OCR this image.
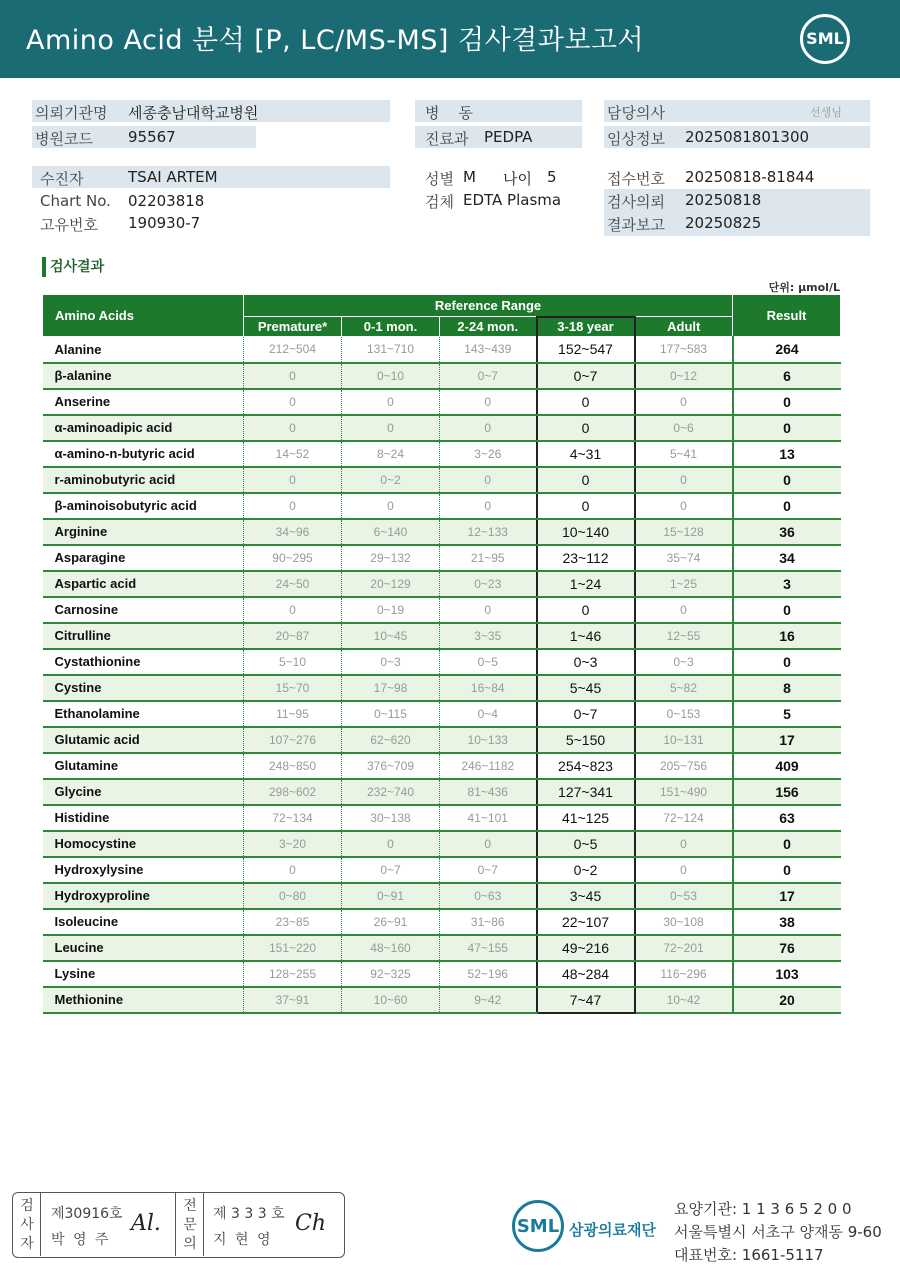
Amino Acid 분석 [P, LC/MS-MS] 검사결과보고서	SML
의뢰기관명 세종충남대학교병원
병원코드 95567
병    동
진료과 PEDPA
담당의사	선생님
임상정보 2025081801300
수진자	TSAI ARTEM
Chart No. 02203818
고유번호 190930-7
성별 M 나이 5
검체 EDTA Plasma
접수번호 20250818-81844
검사의뢰 20250818
결과보고 20250825
검사결과
단위: μmol/L
Amino Acids	Reference Range					Result
	Premature*	0-1 mon.	2-24 mon.	3-18 year	Adult	
Alanine	212~504	131~710	143~439	152~547	177~583	264
β-alanine	0	0~10	0~7	0~7	0~12	6
Anserine	0	0	0	0	0	0
α-aminoadipic acid	0	0	0	0	0~6	0
α-amino-n-butyric acid	14~52	8~24	3~26	4~31	5~41	13
r-aminobutyric acid	0	0~2	0	0	0	0
β-aminoisobutyric acid	0	0	0	0	0	0
Arginine	34~96	6~140	12~133	10~140	15~128	36
Asparagine	90~295	29~132	21~95	23~112	35~74	34
Aspartic acid	24~50	20~129	0~23	1~24	1~25	3
Carnosine	0	0~19	0	0	0	0
Citrulline	20~87	10~45	3~35	1~46	12~55	16
Cystathionine	5~10	0~3	0~5	0~3	0~3	0
Cystine	15~70	17~98	16~84	5~45	5~82	8
Ethanolamine	11~95	0~115	0~4	0~7	0~153	5
Glutamic acid	107~276	62~620	10~133	5~150	10~131	17
Glutamine	248~850	376~709	246~1182	254~823	205~756	409
Glycine	298~602	232~740	81~436	127~341	151~490	156
Histidine	72~134	30~138	41~101	41~125	72~124	63
Homocystine	3~20	0	0	0~5	0	0
Hydroxylysine	0	0~7	0~7	0~2	0	0
Hydroxyproline	0~80	0~91	0~63	3~45	0~53	17
Isoleucine	23~85	26~91	31~86	22~107	30~108	38
Leucine	151~220	48~160	47~155	49~216	72~201	76
Lysine	128~255	92~325	52~196	48~284	116~296	103
Methionine	37~91	10~60	9~42	7~47	10~42	20
검사자
제30916호
박 영 주
Al.
전문의
제 3 3 3 호
지 현 영
Ch	SML 삼광의료재단
요양기관: 1 1 3 6 5 2 0 0
서울특별시 서초구 양재동 9-60
대표번호: 1661-5117
